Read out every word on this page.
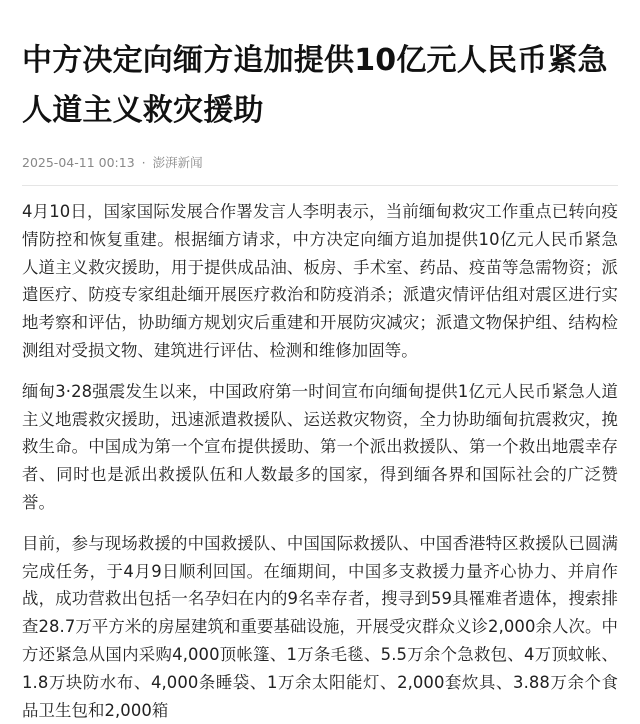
中方决定向缅方追加提供10亿元人民币紧急人道主义救灾援助
2025-04-11 00:13 · 澎湃新闻

4月10日，国家国际发展合作署发言人李明表示，当前缅甸救灾工作重点已转向疫情防控和恢复重建。根据缅方请求，中方决定向缅方追加提供10亿元人民币紧急人道主义救灾援助，用于提供成品油、板房、手术室、药品、疫苗等急需物资；派遣医疗、防疫专家组赴缅开展医疗救治和防疫消杀；派遣灾情评估组对震区进行实地考察和评估，协助缅方规划灾后重建和开展防灾减灾；派遣文物保护组、结构检测组对受损文物、建筑进行评估、检测和维修加固等。

缅甸3·28强震发生以来，中国政府第一时间宣布向缅甸提供1亿元人民币紧急人道主义地震救灾援助，迅速派遣救援队、运送救灾物资，全力协助缅甸抗震救灾，挽救生命。中国成为第一个宣布提供援助、第一个派出救援队、第一个救出地震幸存者、同时也是派出救援队伍和人数最多的国家，得到缅各界和国际社会的广泛赞誉。

目前，参与现场救援的中国救援队、中国国际救援队、中国香港特区救援队已圆满完成任务，于4月9日顺利回国。在缅期间，中国多支救援力量齐心协力、并肩作战，成功营救出包括一名孕妇在内的9名幸存者，搜寻到59具罹难者遗体，搜索排查28.7万平方米的房屋建筑和重要基础设施，开展受灾群众义诊2,000余人次。中方还紧急从国内采购4,000顶帐篷、1万条毛毯、5.5万余个急救包、4万顶蚊帐、1.8万块防水布、4,000条睡袋、1万余太阳能灯、2,000套炊具、3.88万余个食品卫生包和2,000箱
